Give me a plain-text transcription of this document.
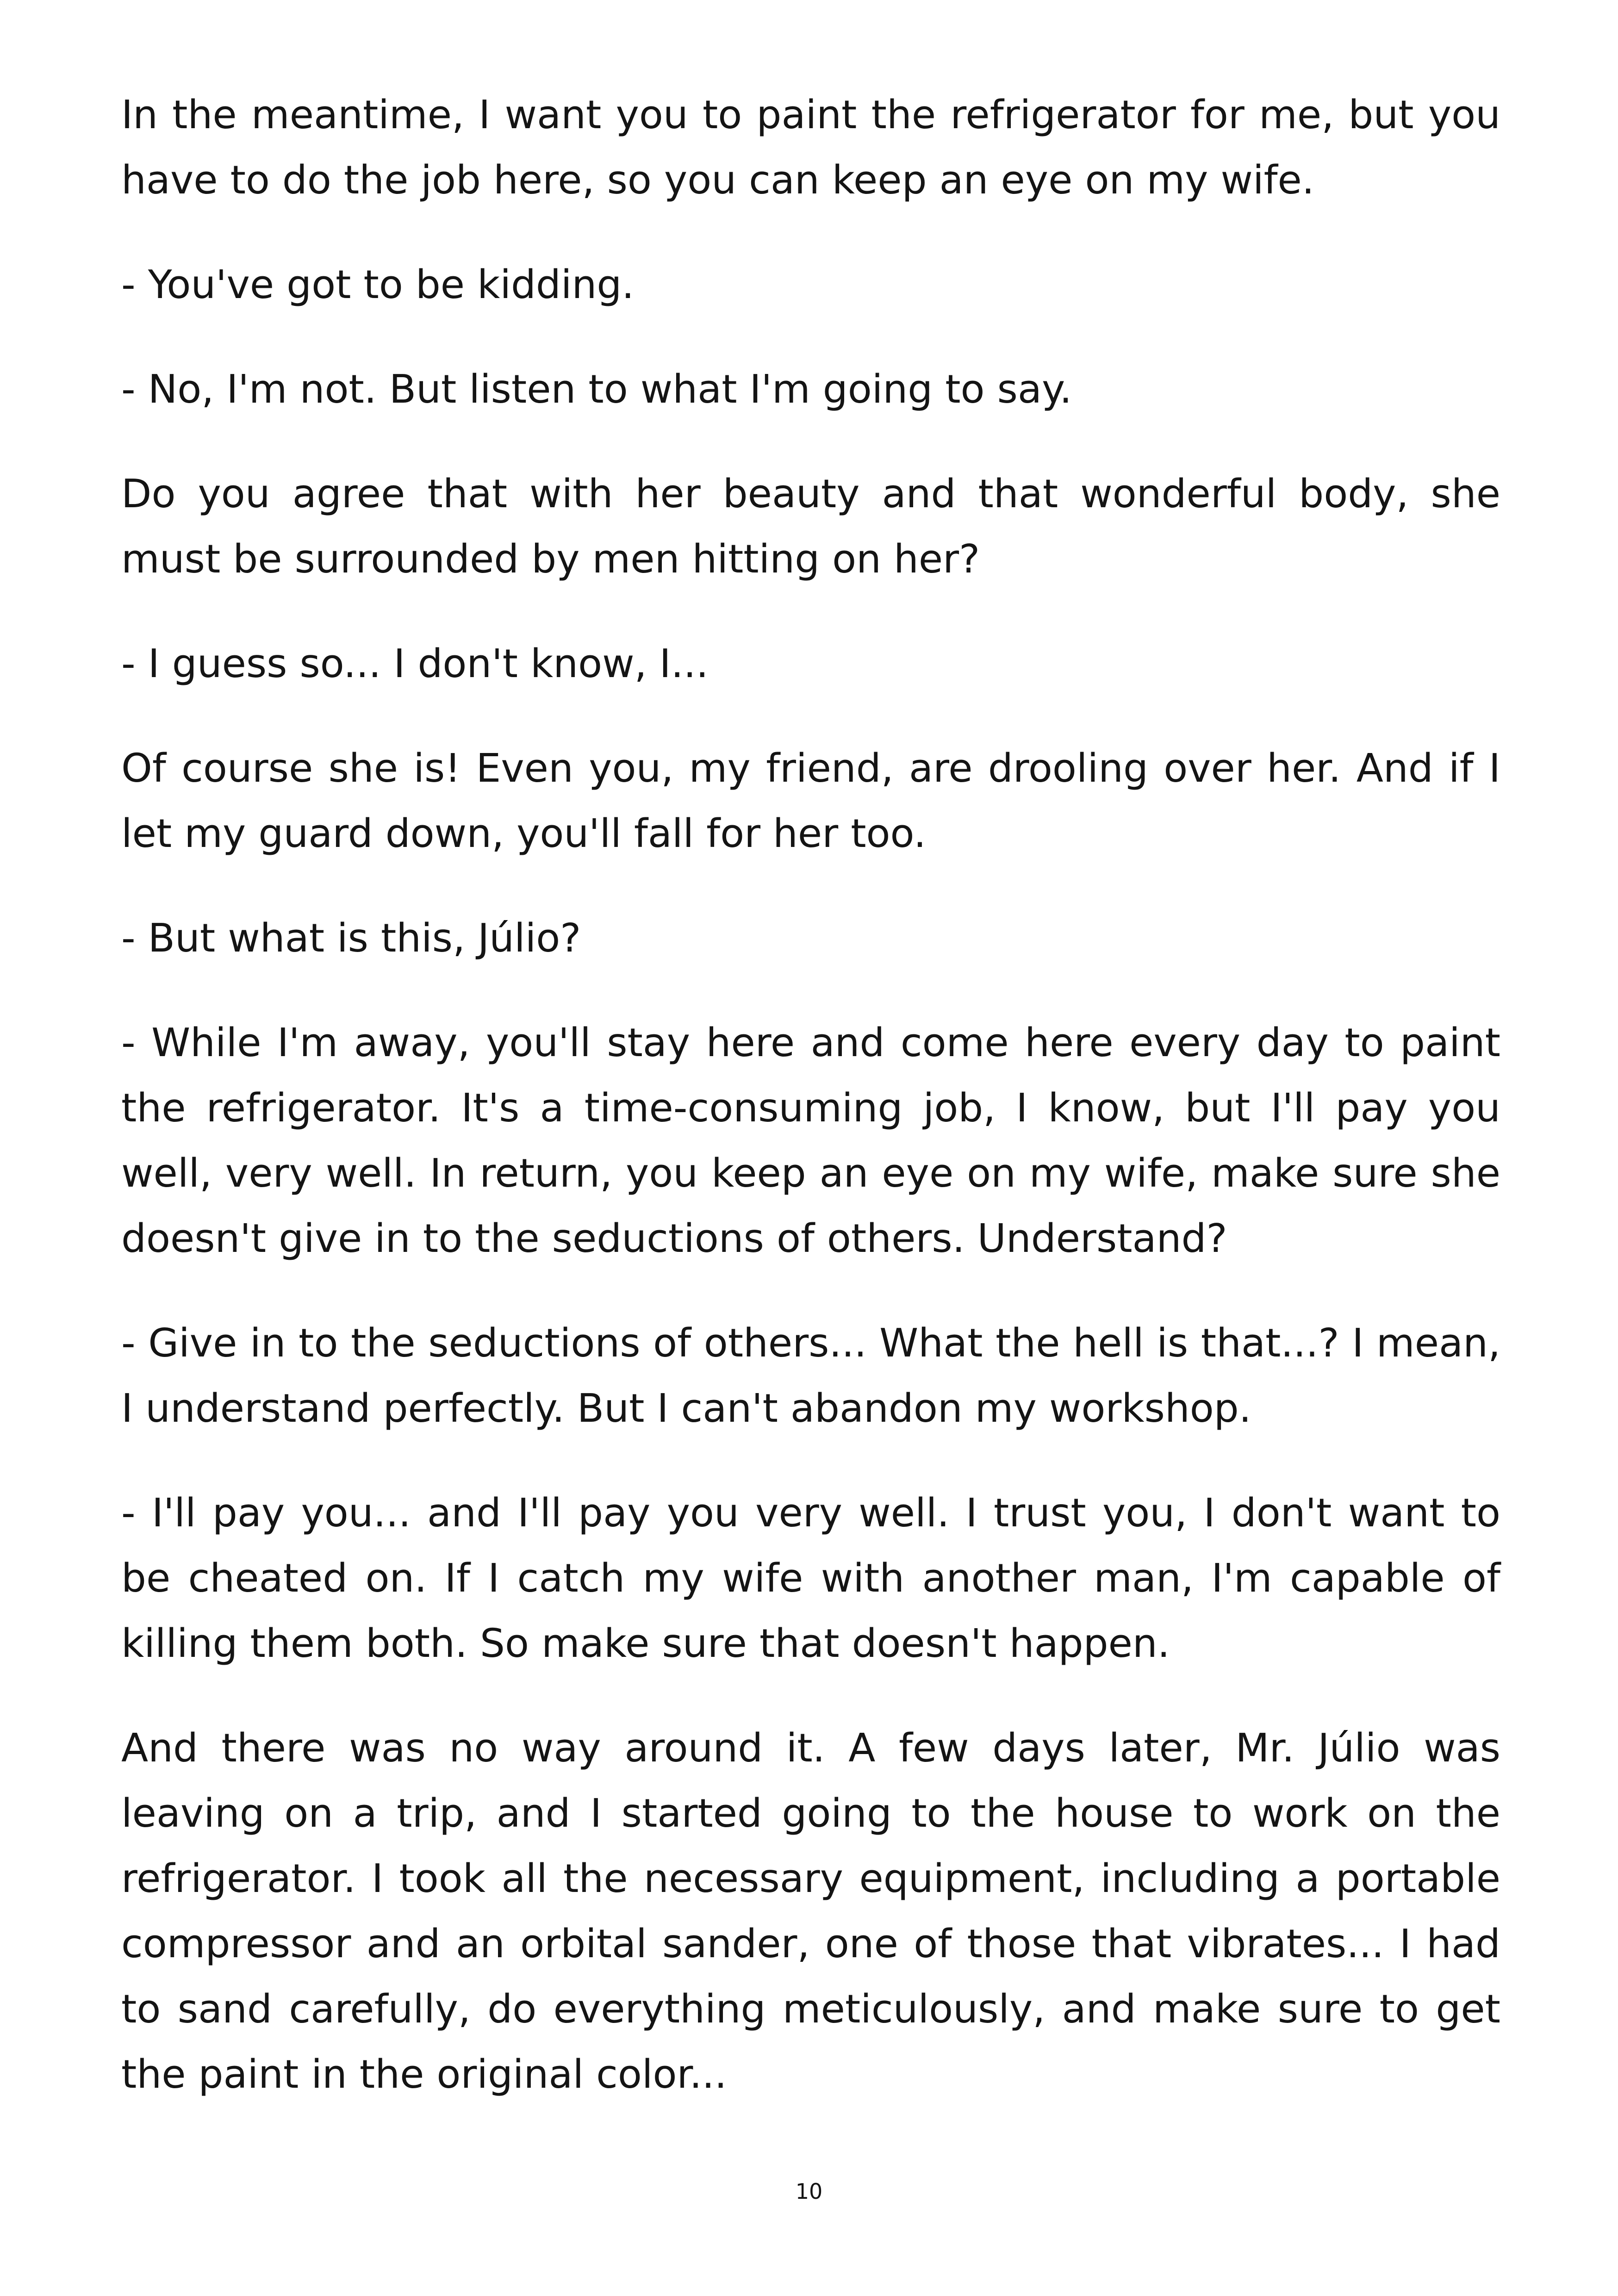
In the meantime, I want you to paint the refrigerator for me, but you have to do the job here, so you can keep an eye on my wife.

- You've got to be kidding.

- No, I'm not. But listen to what I'm going to say.

Do you agree that with her beauty and that wonderful body, she must be surrounded by men hitting on her?

- I guess so... I don't know, I...

Of course she is! Even you, my friend, are drooling over her. And if I let my guard down, you'll fall for her too.

- But what is this, Júlio?

- While I'm away, you'll stay here and come here every day to paint the refrigerator. It's a time-consuming job, I know, but I'll pay you well, very well. In return, you keep an eye on my wife, make sure she doesn't give in to the seductions of others. Understand?

- Give in to the seductions of others... What the hell is that...? I mean, I understand perfectly. But I can't abandon my workshop.

- I'll pay you... and I'll pay you very well. I trust you, I don't want to be cheated on. If I catch my wife with another man, I'm capable of killing them both. So make sure that doesn't happen.

And there was no way around it. A few days later, Mr. Júlio was leaving on a trip, and I started going to the house to work on the refrigerator. I took all the necessary equipment, including a portable compressor and an orbital sander, one of those that vibrates... I had to sand carefully, do everything meticulously, and make sure to get the paint in the original color...

10
